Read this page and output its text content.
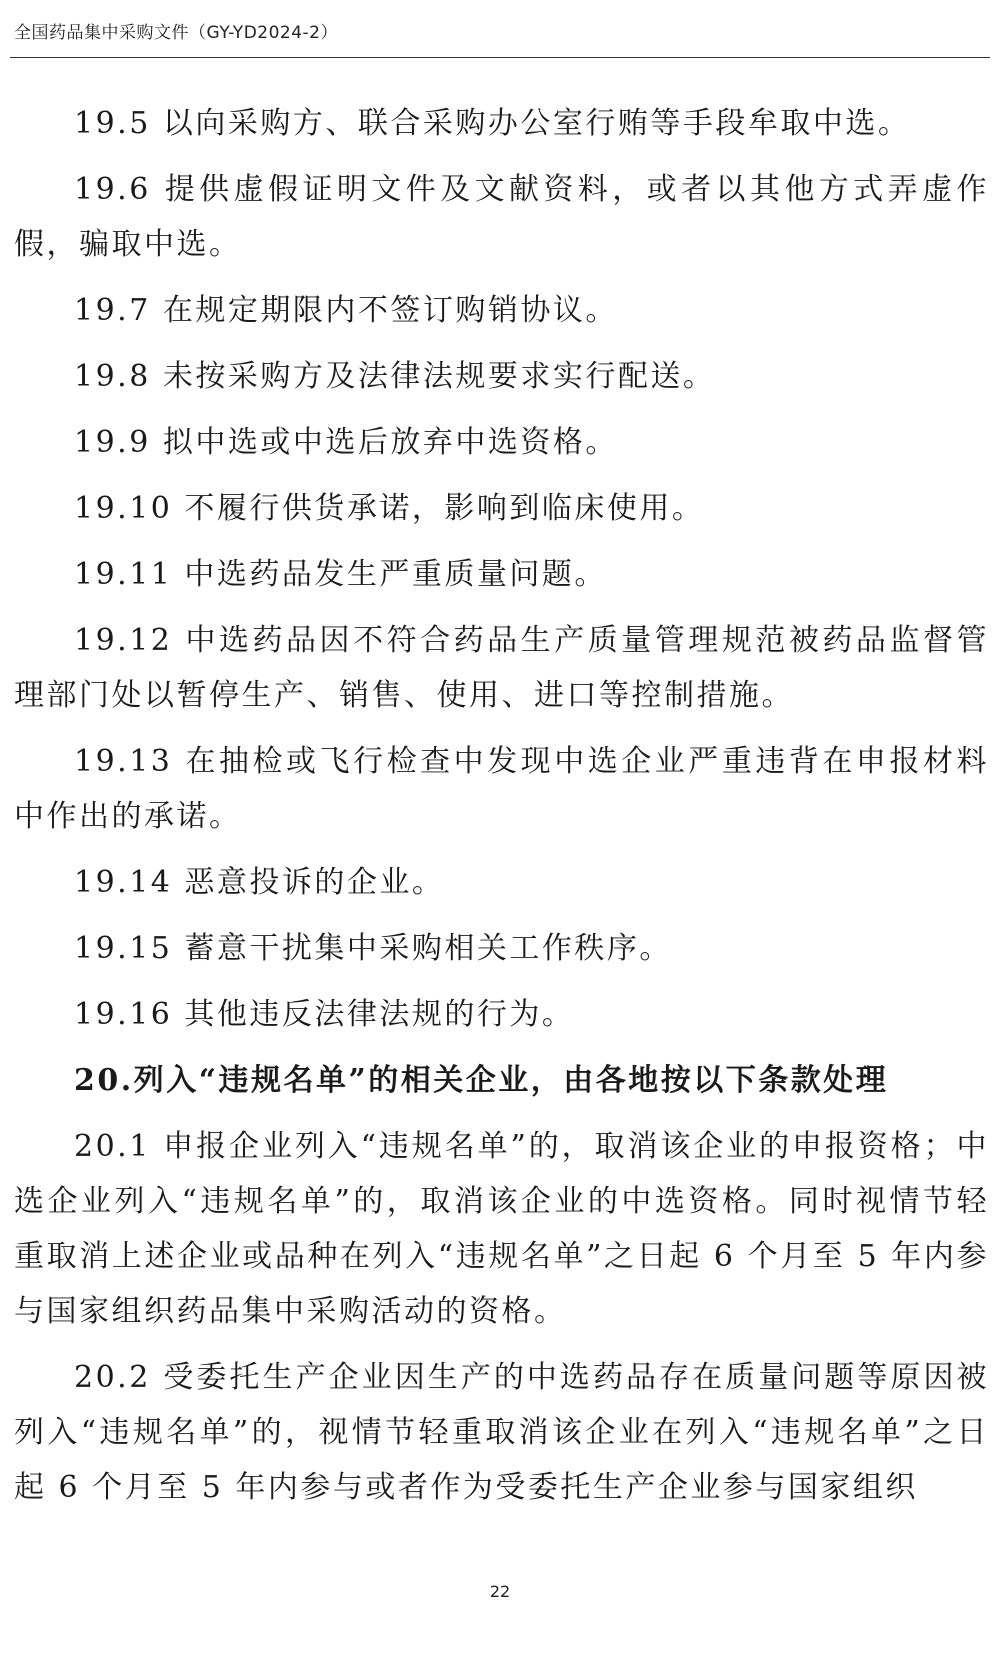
全国药品集中采购文件（GY-YD2024-2）

19.5 以向采购方、联合采购办公室行贿等手段牟取中选。

19.6 提供虚假证明文件及文献资料，或者以其他方式弄虚作假，骗取中选。

19.7 在规定期限内不签订购销协议。

19.8 未按采购方及法律法规要求实行配送。

19.9 拟中选或中选后放弃中选资格。

19.10 不履行供货承诺，影响到临床使用。

19.11 中选药品发生严重质量问题。

19.12 中选药品因不符合药品生产质量管理规范被药品监督管理部门处以暂停生产、销售、使用、进口等控制措施。

19.13 在抽检或飞行检查中发现中选企业严重违背在申报材料中作出的承诺。

19.14 恶意投诉的企业。

19.15 蓄意干扰集中采购相关工作秩序。

19.16 其他违反法律法规的行为。

20.列入“违规名单”的相关企业，由各地按以下条款处理

20.1 申报企业列入“违规名单”的，取消该企业的申报资格；中选企业列入“违规名单”的，取消该企业的中选资格。同时视情节轻重取消上述企业或品种在列入“违规名单”之日起 6 个月至 5 年内参与国家组织药品集中采购活动的资格。

20.2 受委托生产企业因生产的中选药品存在质量问题等原因被列入“违规名单”的，视情节轻重取消该企业在列入“违规名单”之日起 6 个月至 5 年内参与或者作为受委托生产企业参与国家组织

22
